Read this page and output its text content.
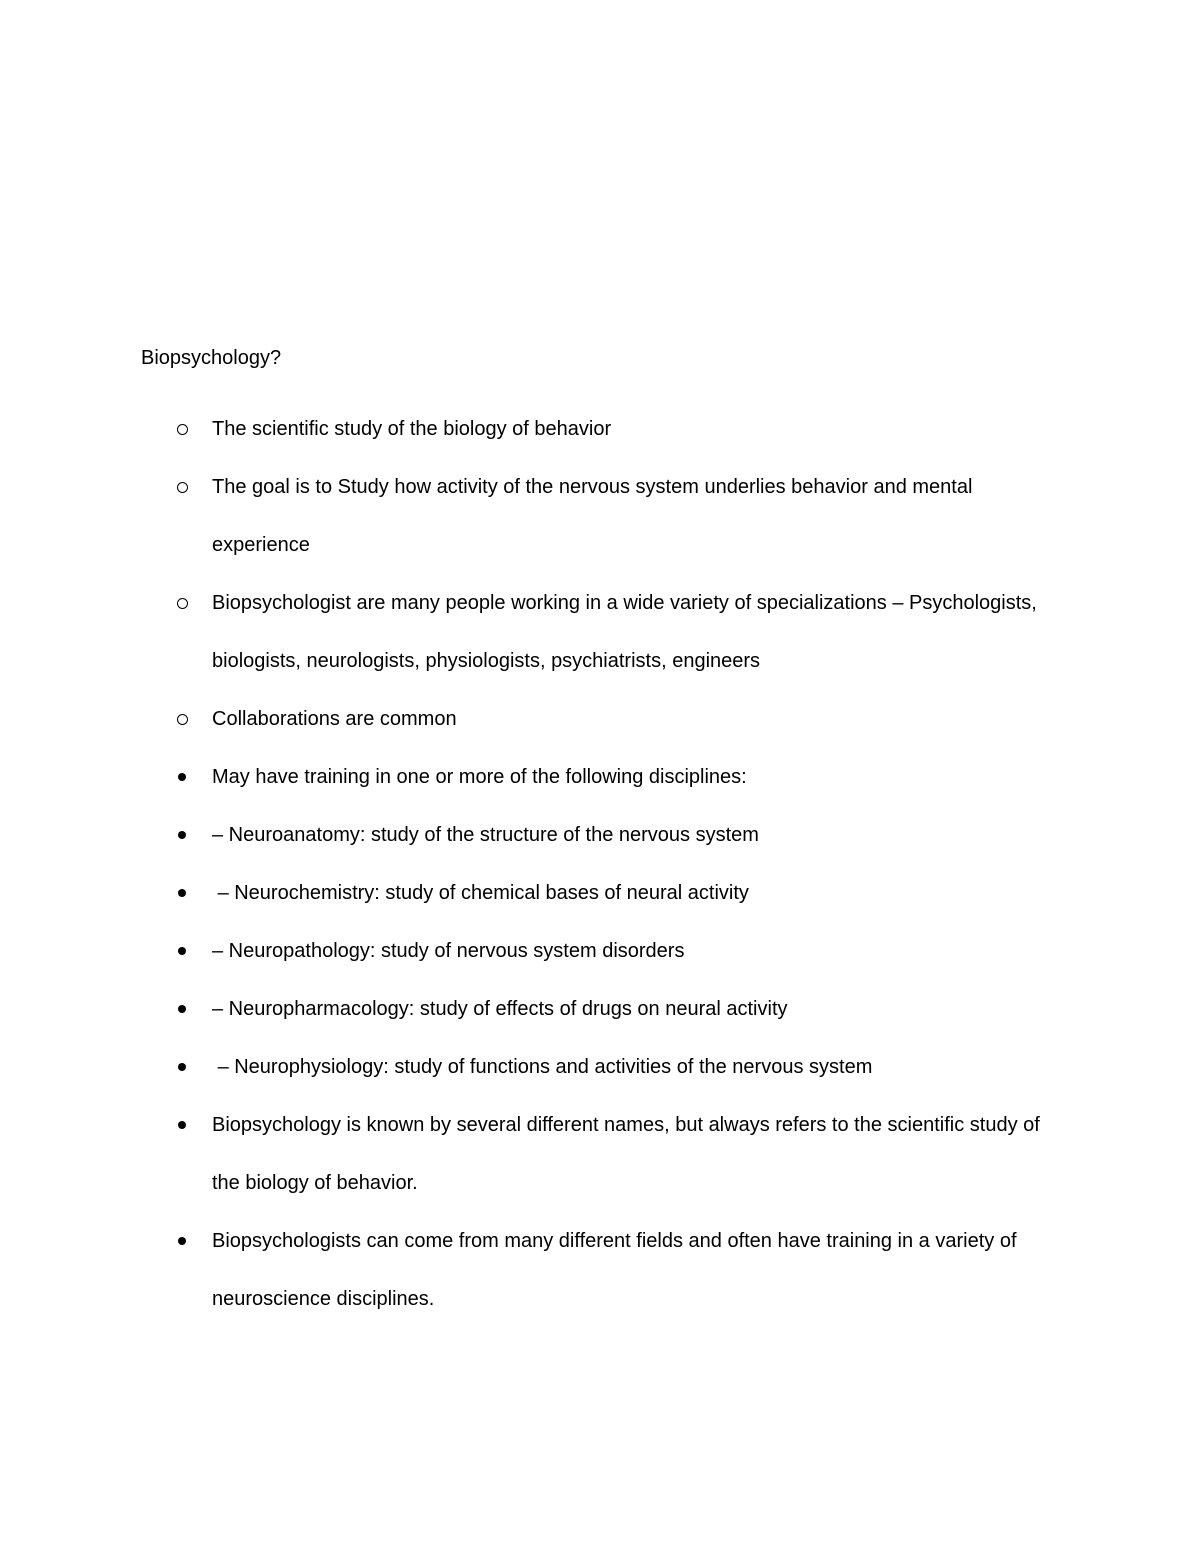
Biopsychology?
The scientific study of the biology of behavior
The goal is to Study how activity of the nervous system underlies behavior and mental experience
Biopsychologist are many people working in a wide variety of specializations – Psychologists, biologists, neurologists, physiologists, psychiatrists, engineers
Collaborations are common
May have training in one or more of the following disciplines:
– Neuroanatomy: study of the structure of the nervous system
– Neurochemistry: study of chemical bases of neural activity
– Neuropathology: study of nervous system disorders
– Neuropharmacology: study of effects of drugs on neural activity
– Neurophysiology: study of functions and activities of the nervous system
Biopsychology is known by several different names, but always refers to the scientific study of the biology of behavior.
Biopsychologists can come from many different fields and often have training in a variety of neuroscience disciplines.
